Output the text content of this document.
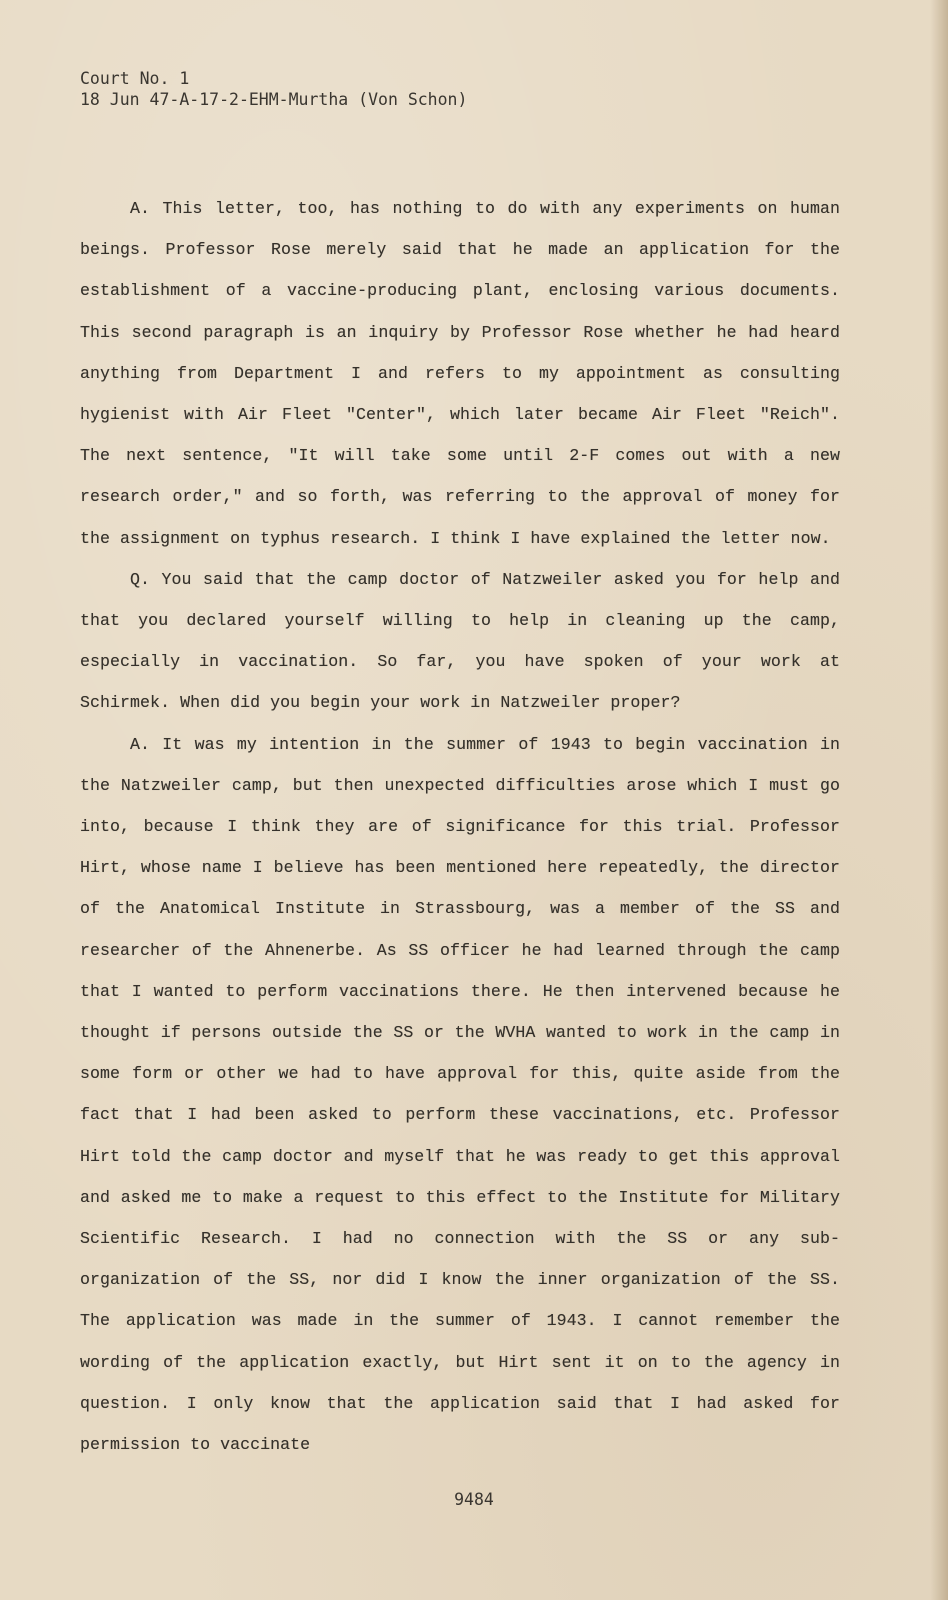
Court No. 1
18 Jun 47-A-17-2-EHM-Murtha (Von Schon)

A. This letter, too, has nothing to do with any experiments on human beings. Professor Rose merely said that he made an application for the establishment of a vaccine-producing plant, enclosing various documents. This second paragraph is an inquiry by Professor Rose whether he had heard anything from Department I and refers to my appointment as consulting hygienist with Air Fleet "Center", which later became Air Fleet "Reich". The next sentence, "It will take some until 2-F comes out with a new research order," and so forth, was referring to the approval of money for the assignment on typhus research. I think I have explained the letter now.

Q. You said that the camp doctor of Natzweiler asked you for help and that you declared yourself willing to help in cleaning up the camp, especially in vaccination. So far, you have spoken of your work at Schirmek. When did you begin your work in Natzweiler proper?

A. It was my intention in the summer of 1943 to begin vaccination in the Natzweiler camp, but then unexpected difficulties arose which I must go into, because I think they are of significance for this trial. Professor Hirt, whose name I believe has been mentioned here repeatedly, the director of the Anatomical Institute in Strassbourg, was a member of the SS and researcher of the Ahnenerbe. As SS officer he had learned through the camp that I wanted to perform vaccinations there. He then intervened because he thought if persons outside the SS or the WVHA wanted to work in the camp in some form or other we had to have approval for this, quite aside from the fact that I had been asked to perform these vaccinations, etc. Professor Hirt told the camp doctor and myself that he was ready to get this approval and asked me to make a request to this effect to the Institute for Military Scientific Research. I had no connection with the SS or any sub-organization of the SS, nor did I know the inner organization of the SS. The application was made in the summer of 1943. I cannot remember the wording of the application exactly, but Hirt sent it on to the agency in question. I only know that the application said that I had asked for permission to vaccinate

9484
